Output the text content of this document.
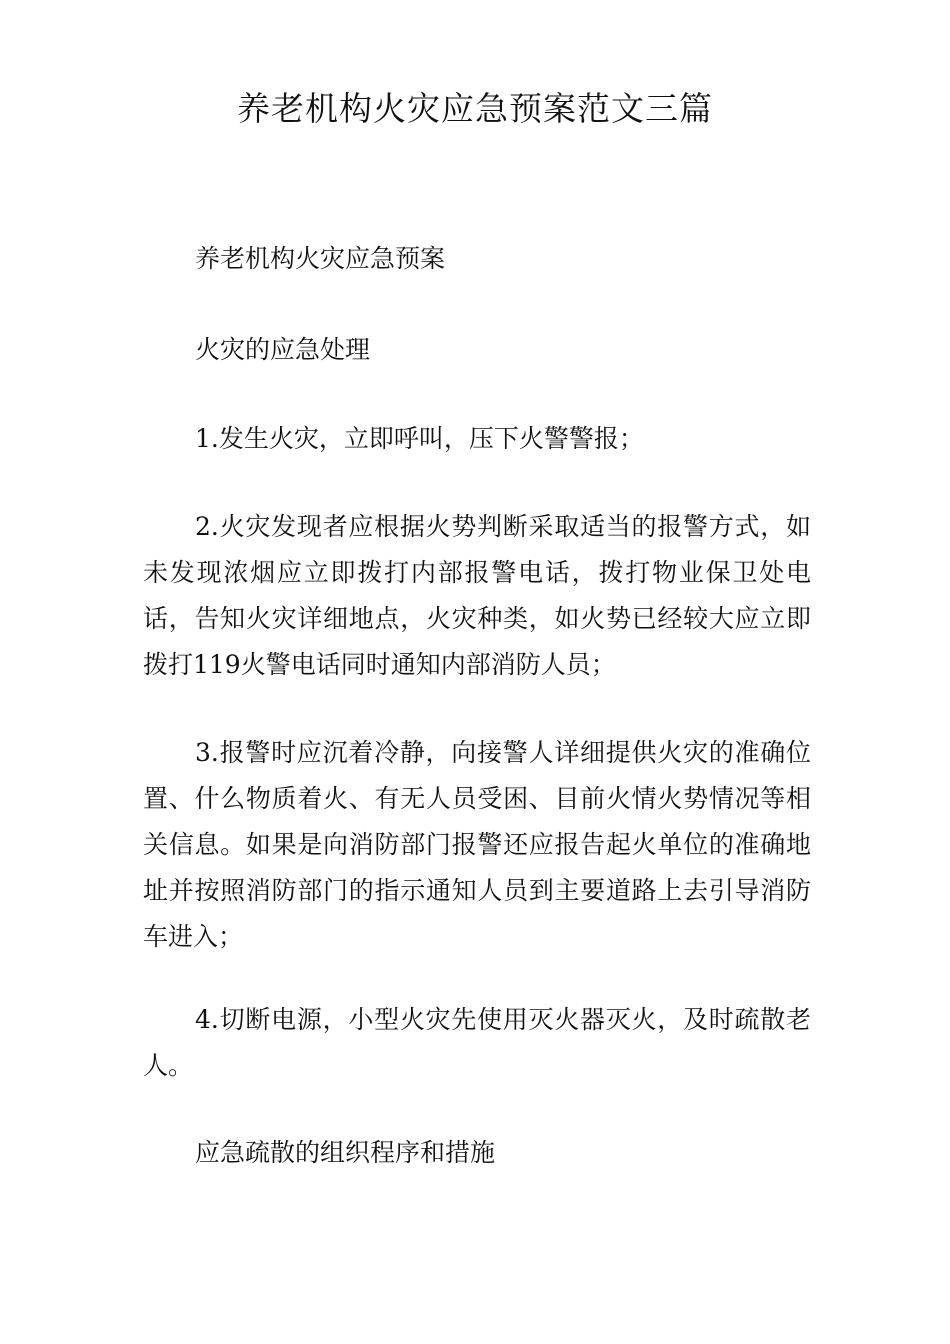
养老机构火灾应急预案范文三篇

养老机构火灾应急预案

火灾的应急处理

1.发生火灾，立即呼叫，压下火警警报；

2.火灾发现者应根据火势判断采取适当的报警方式，如未发现浓烟应立即拨打内部报警电话，拨打物业保卫处电话，告知火灾详细地点，火灾种类，如火势已经较大应立即拨打119火警电话同时通知内部消防人员；

3.报警时应沉着冷静，向接警人详细提供火灾的准确位置、什么物质着火、有无人员受困、目前火情火势情况等相关信息。如果是向消防部门报警还应报告起火单位的准确地址并按照消防部门的指示通知人员到主要道路上去引导消防车进入；

4.切断电源，小型火灾先使用灭火器灭火，及时疏散老人。

应急疏散的组织程序和措施
